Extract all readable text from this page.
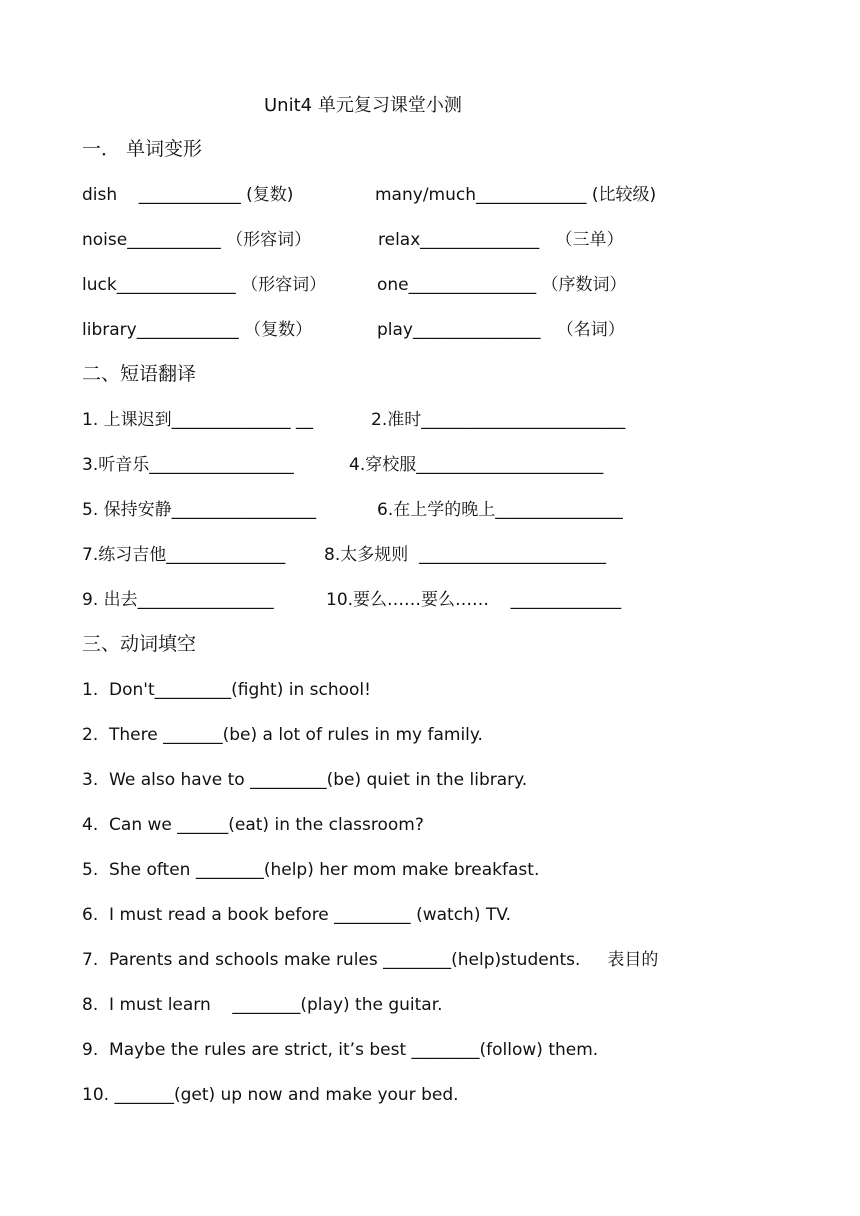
Unit4 单元复习课堂小测
一． 单词变形
dish    ____________ (复数)	many/much_____________ (比较级)
noise___________ （形容词）	relax______________   （三单）
luck______________ （形容词）	one_______________ （序数词）
library____________ （复数）	play_______________   （名词）
二、短语翻译
1. 上课迟到______________ __	2.准时________________________
3.听音乐_________________	4.穿校服______________________
5. 保持安静_________________	6.在上学的晚上_______________
7.练习吉他______________ 8.太多规则  ______________________
9. 出去________________	10.要么……要么……    _____________
三、动词填空
1.  Don't_________(fight) in school!
2.  There _______(be) a lot of rules in my family.
3.  We also have to _________(be) quiet in the library.
4.  Can we ______(eat) in the classroom?
5.  She often ________(help) her mom make breakfast.
6.  I must read a book before _________ (watch) TV.
7.  Parents and schools make rules ________(help)students.     表目的
8.  I must learn    ________(play) the guitar.
9.  Maybe the rules are strict, it’s best ________(follow) them.
10. _______(get) up now and make your bed.
